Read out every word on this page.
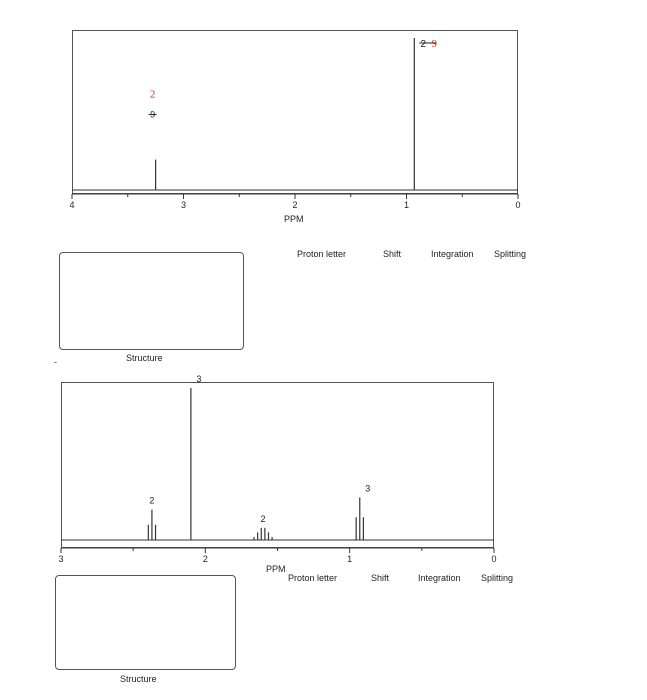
4	3	2	1	0
2
9
2 9
PPM
Proton letter	Shift	Integration Splitting
Structure
-
3	2	1	0
2
3
2
3
PPM
Proton letter	Shift	Integration Splitting
Structure
